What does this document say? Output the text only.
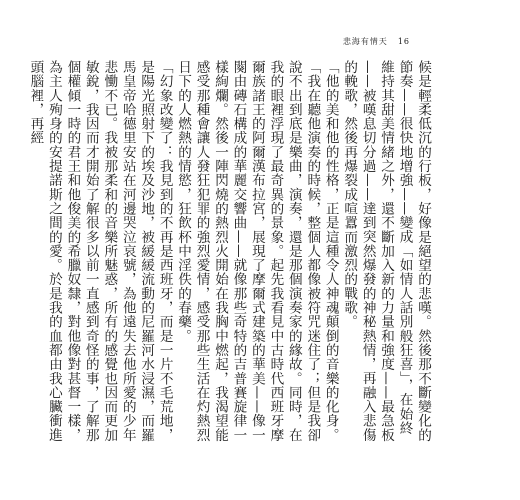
悲海有情天 16

候是輕柔低沉的行板，好像是絕望的悲嘆。然後那不斷變化的節奏——很快地增強——變成「如情人話別般狂喜」，在始終維持其甜美情緒之外，還不斷加入新的力量和強度——最急板——被嘆息切分過——達到突然爆發的神秘熱情，再融入悲傷的輓歌，然後再爆裂成喧囂而激烈的戰歌。

「他的美和他的性格，正是這種令人神魂顛倒的音樂的化身。

「我在聽他演奏的時候，整個人都像被符咒迷住了；但是我卻說不出到底是樂曲，演奏，還是那個演奏家的緣故。同時，在我的眼裡浮現了最奇異的景象。起先我看見中古時代西班牙摩爾族諸王的阿爾漢布拉宮，展現了摩爾式建築的華美——像一闋由磚石構成的華麗交響曲——就像那些奇特的吉普賽旋律一樣絢爛。然後一陣閃燒的熱烈火開始在我胸中燃起，我渴望能感受那種會讓人發狂犯罪的強烈愛情，感受那些生活在灼熱烈日下的人燃熱的情慾，狂飲杯中淫佚的春藥。

「幻象改變了：我見到的不再是西班牙，而是一片不毛荒地，是陽光照射下的埃及沙地，被緩緩流動的尼羅河水浸濕，而羅馬皇帝哈德里安站在河邊哭泣哀號，為他遠失去他所愛的少年悲慟不已。我被那柔和的音樂所魅惑，所有的感覺也因而更加敏銳，我因而才開始了解很多以前一直感到奇怪的事，了解那個權傾一時的君王和他俊美的希臘奴隸，對他像對甚督一樣，為主人殉身的安提諾斯之間的愛。於是我的血都由我心臟衝進頭腦裡，再經
